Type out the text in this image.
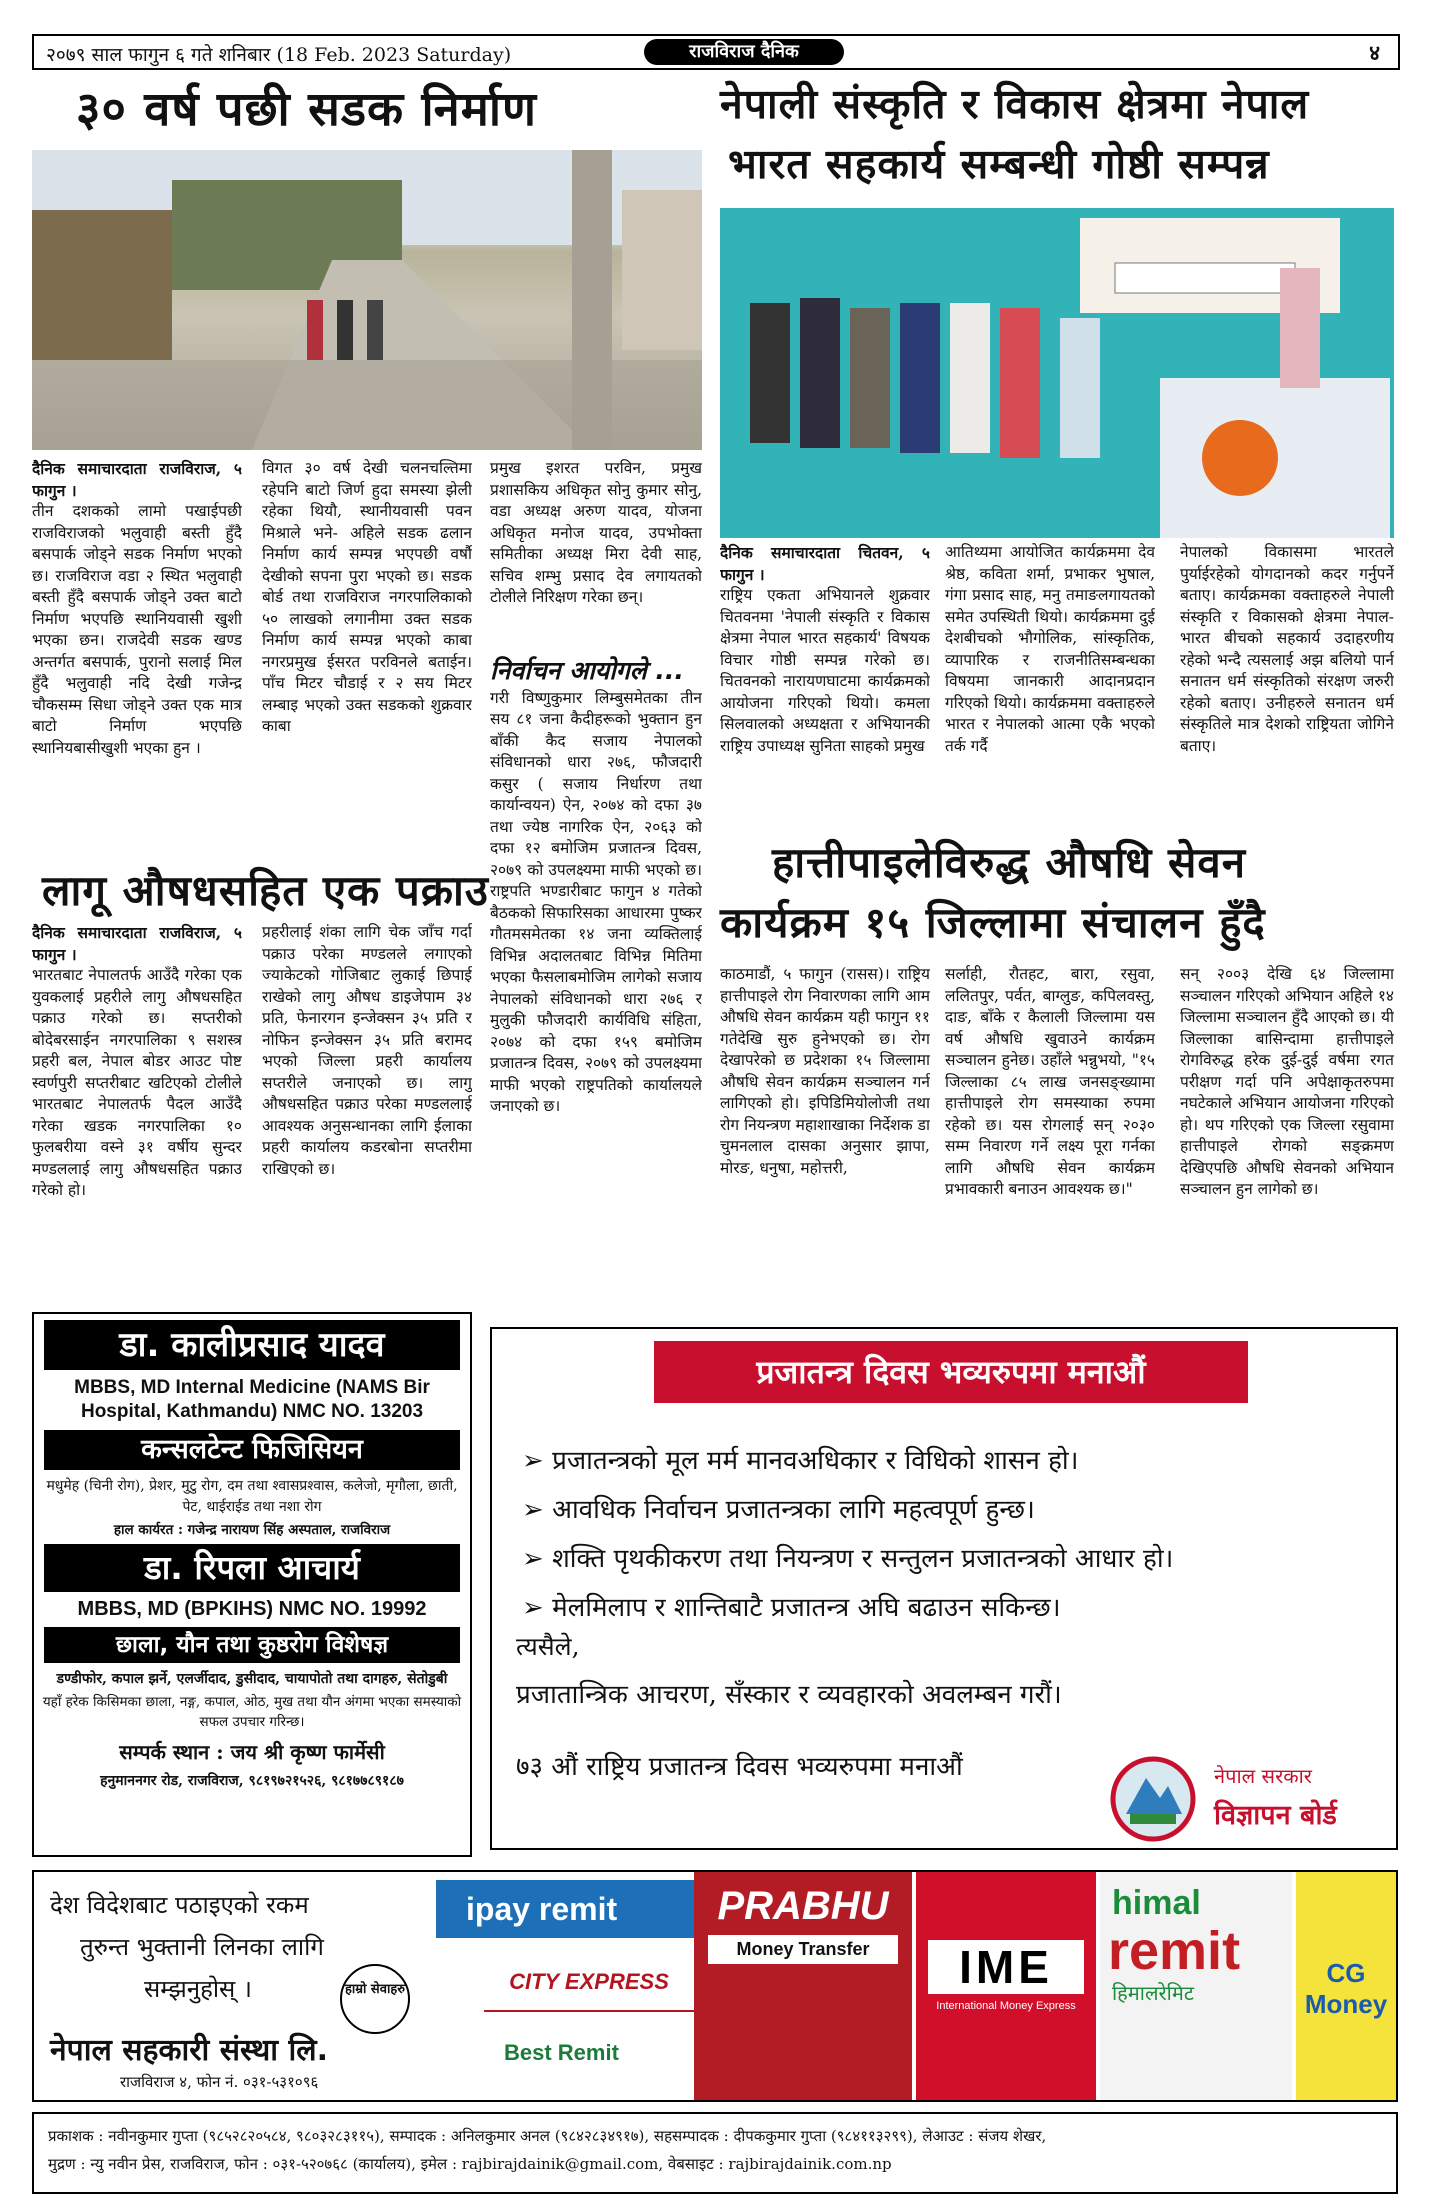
२०७९ साल फागुन ६ गते शनिबार (18 Feb. 2023 Saturday)	राजविराज दैनिक	४
३० वर्ष पछी सडक निर्माण
दैनिक समाचारदाता राजविराज, ५ फागुन ।
तीन दशकको लामो पखाईपछी राजविराजको भलुवाही बस्ती हुँदै बसपार्क जोड्ने सडक निर्माण भएको छ। राजविराज वडा २ स्थित भलुवाही बस्ती हुँदै बसपार्क जोड्ने उक्त बाटो निर्माण भएपछि स्थानियवासी खुशी भएका छन। राजदेवी सडक खण्ड अन्तर्गत बसपार्क, पुरानो सलाई मिल हुँदै भलुवाही नदि देखी गजेन्द्र चौकसम्म सिधा जोड्ने उक्त एक मात्र बाटो निर्माण भएपछि स्थानियबासीखुशी भएका हुन ।
विगत ३० वर्ष देखी चलनचल्तिमा रहेपनि बाटो जिर्ण हुदा समस्या झेली रहेका थियौ, स्थानीयवासी पवन मिश्राले भने- अहिले सडक ढलान निर्माण कार्य सम्पन्न भएपछी वर्षौ देखीको सपना पुरा भएको छ। सडक बोर्ड तथा राजविराज नगरपालिकाको ५० लाखको लगानीमा उक्त सडक निर्माण कार्य सम्पन्न भएको काबा नगरप्रमुख ईसरत परविनले बताईन। पाँच मिटर चौडाई र २ सय मिटर लम्बाइ भएको उक्त सडकको शुक्रवार काबा
प्रमुख इशरत परविन, प्रमुख प्रशासकिय अधिकृत सोनु कुमार सोनु, वडा अध्यक्ष अरुण यादव, योजना अधिकृत मनोज यादव, उपभोक्ता समितीका अध्यक्ष मिरा देवी साह, सचिव शम्भु प्रसाद देव लगायतको टोलीले निरिक्षण गरेका छन्।
निर्वाचन आयोगले ...
गरी विष्णुकुमार लिम्बुसमेतका तीन सय ८१ जना कैदीहरूको भुक्तान हुन बाँकी कैद सजाय नेपालको संविधानको धारा २७६, फौजदारी कसुर ( सजाय निर्धारण तथा कार्यान्वयन) ऐन, २०७४ को दफा ३७ तथा ज्येष्ठ नागरिक ऐन, २०६३ को दफा १२ बमोजिम प्रजातन्त्र दिवस, २०७९ को उपलक्ष्यमा माफी भएको छ। राष्ट्रपति भण्डारीबाट फागुन ४ गतेको बैठकको सिफारिसका आधारमा पुष्कर गौतमसमेतका १४ जना व्यक्तिलाई विभिन्न अदालतबाट विभिन्न मितिमा भएका फैसलाबमोजिम लागेको सजाय नेपालको संविधानको धारा २७६ र मुलुकी फौजदारी कार्यविधि संहिता, २०७४ को दफा १५९ बमोजिम प्रजातन्त्र दिवस, २०७९ को उपलक्ष्यमा माफी भएको राष्ट्रपतिको कार्यालयले जनाएको छ।
लागू औषधसहित एक पक्राउ
दैनिक समाचारदाता राजविराज, ५ फागुन ।
भारतबाट नेपालतर्फ आउँदै गरेका एक युवकलाई प्रहरीले लागु औषधसहित पक्राउ गरेको छ। सप्तरीको बोदेबरसाईन नगरपालिका ९ सशस्त्र प्रहरी बल, नेपाल बोडर आउट पोष्ट स्वर्णपुरी सप्तरीबाट खटिएको टोलीले भारतबाट नेपालतर्फ पैदल आउँदै गरेका खडक नगरपालिका १० फुलबरीया वस्ने ३१ वर्षीय सुन्दर मण्डललाई लागु औषधसहित पक्राउ गरेको हो।
प्रहरीलाई शंका लागि चेक जाँच गर्दा पक्राउ परेका मण्डलले लगाएको ज्याकेटको गोजिबाट लुकाई छिपाई राखेको लागु औषध डाइजेपाम ३४ प्रति, फेनारगन इन्जेक्सन ३५ प्रति र नोफिन इन्जेक्सन ३५ प्रति बरामद भएको जिल्ला प्रहरी कार्यालय सप्तरीले जनाएको छ। लागु औषधसहित पक्राउ परेका मण्डललाई आवश्यक अनुसन्धानका लागि ईलाका प्रहरी कार्यालय कडरबोना सप्तरीमा राखिएको छ।
नेपाली संस्कृति र विकास क्षेत्रमा नेपाल
भारत सहकार्य सम्बन्धी गोष्ठी सम्पन्न
दैनिक समाचारदाता चितवन, ५ फागुन ।
राष्ट्रिय एकता अभियानले शुक्रवार चितवनमा 'नेपाली संस्कृति र विकास क्षेत्रमा नेपाल भारत सहकार्य' विषयक विचार गोष्ठी सम्पन्न गरेको छ। चितवनको नारायणघाटमा कार्यक्रमको आयोजना गरिएको थियो। कमला सिलवालको अध्यक्षता र अभियानकी राष्ट्रिय उपाध्यक्ष सुनिता साहको प्रमुख
आतिथ्यमा आयोजित कार्यक्रममा देव श्रेष्ठ, कविता शर्मा, प्रभाकर भुषाल, गंगा प्रसाद साह, मनु तमाङलगायतको समेत उपस्थिती थियो। कार्यक्रममा दुई देशबीचको भौगोलिक, सांस्कृतिक, व्यापारिक र राजनीतिसम्बन्धका विषयमा जानकारी आदानप्रदान गरिएको थियो। कार्यक्रममा वक्ताहरुले भारत र नेपालको आत्मा एकै भएको तर्क गर्दै
नेपालको विकासमा भारतले पुर्याईरहेको योगदानको कदर गर्नुपर्ने बताए। कार्यक्रमका वक्ताहरुले नेपाली संस्कृति र विकासको क्षेत्रमा नेपाल-भारत बीचको सहकार्य उदाहरणीय रहेको भन्दै त्यसलाई अझ बलियो पार्न सनातन धर्म संस्कृतिको संरक्षण जरुरी रहेको बताए। उनीहरुले सनातन धर्म संस्कृतिले मात्र देशको राष्ट्रियता जोगिने बताए।
हात्तीपाइलेविरुद्ध औषधि सेवन
कार्यक्रम १५ जिल्लामा संचालन हुँदै
काठमाडौं, ५ फागुन (रासस)। राष्ट्रिय हात्तीपाइले रोग निवारणका लागि आम औषधि सेवन कार्यक्रम यही फागुन ११ गतेदेखि सुरु हुनेभएको छ। रोग देखापरेको छ प्रदेशका १५ जिल्लामा औषधि सेवन कार्यक्रम सञ्चालन गर्न लागिएको हो। इपिडिमियोलोजी तथा रोग नियन्त्रण महाशाखाका निर्देशक डा चुमनलाल दासका अनुसार झापा, मोरङ, धनुषा, महोत्तरी,
सर्लाही, रौतहट, बारा, रसुवा, ललितपुर, पर्वत, बाग्लुङ, कपिलवस्तु, दाङ, बाँके र कैलाली जिल्लामा यस वर्ष औषधि खुवाउने कार्यक्रम सञ्चालन हुनेछ। उहाँले भन्नुभयो, "१५ जिल्लाका ८५ लाख जनसङ्ख्यामा हात्तीपाइले रोग समस्याका रुपमा रहेको छ। यस रोगलाई सन् २०३० सम्म निवारण गर्ने लक्ष्य पूरा गर्नका लागि औषधि सेवन कार्यक्रम प्रभावकारी बनाउन आवश्यक छ।"
सन् २००३ देखि ६४ जिल्लामा सञ्चालन गरिएको अभियान अहिले १४ जिल्लामा सञ्चालन हुँदै आएको छ। यी जिल्लाका बासिन्दामा हात्तीपाइले रोगविरुद्ध हरेक दुई-दुई वर्षमा रगत परीक्षण गर्दा पनि अपेक्षाकृतरुपमा नघटेकाले अभियान आयोजना गरिएको हो। थप गरिएको एक जिल्ला रसुवामा हात्तीपाइले रोगको सङ्क्रमण देखिएपछि औषधि सेवनको अभियान सञ्चालन हुन लागेको छ।
डा. कालीप्रसाद यादव
MBBS, MD Internal Medicine (NAMS Bir Hospital, Kathmandu) NMC NO. 13203
कन्सलटेन्ट फिजिसियन
मधुमेह (चिनी रोग), प्रेशर, मुटु रोग, दम तथा श्वासप्रश्वास, कलेजो, मृगौला, छाती, पेट, थाईराईड तथा नशा रोग
हाल कार्यरत : गजेन्द्र नारायण सिंह अस्पताल, राजविराज
डा. रिपला आचार्य
MBBS, MD (BPKIHS) NMC NO. 19992
छाला, यौन तथा कुष्ठरोग विशेषज्ञ
डण्डीफोर, कपाल झर्ने, एलर्जीदाद, डुसीदाद, चायापोतो तथा दागहरु, सेतोडुबी
यहाँ हरेक किसिमका छाला, नङ्ग, कपाल, ओठ, मुख तथा यौन अंगमा भएका समस्याको सफल उपचार गरिन्छ।
सम्पर्क स्थान : जय श्री कृष्ण फार्मेसी
हनुमाननगर रोड, राजविराज, ९८१९७२१५२६, ९८१७७८९१८७
प्रजातन्त्र दिवस भव्यरुपमा मनाऔं
➢ प्रजातन्त्रको मूल मर्म मानवअधिकार र विधिको शासन हो।
➢ आवधिक निर्वाचन प्रजातन्त्रका लागि महत्वपूर्ण हुन्छ।
➢ शक्ति पृथकीकरण तथा नियन्त्रण र सन्तुलन प्रजातन्त्रको आधार हो।
➢ मेलमिलाप र शान्तिबाटै प्रजातन्त्र अघि बढाउन सकिन्छ।
त्यसैले,
प्रजातान्त्रिक आचरण, सँस्कार र व्यवहारको अवलम्बन गरौं।
७३ औं राष्ट्रिय प्रजातन्त्र दिवस भव्यरुपमा मनाऔं	नेपाल सरकार
विज्ञापन बोर्ड
देश विदेशबाट पठाइएको रकम
तुरुन्त भुक्तानी लिनका लागि
सम्झनुहोस् ।	हाम्रो सेवाहरु
नेपाल सहकारी संस्था लि.
राजविराज ४, फोन नं. ०३१-५३१०९६
ipay remit
CITY EXPRESS
Best Remit
PRABHU
Money Transfer	IME
International Money Express
himal
remit
हिमालरेमिट
CG Money
प्रकाशक : नवीनकुमार गुप्ता (९८५२८२०५८४, ९८०३२८३११५), सम्पादक : अनिलकुमार अनल (९८४२८३४९१७), सहसम्पादक : दीपककुमार गुप्ता (९८४११३२९९), लेआउट : संजय शेखर,
मुद्रण : न्यु नवीन प्रेस, राजविराज, फोन : ०३१-५२०७६८ (कार्यालय), इमेल : rajbirajdainik@gmail.com, वेबसाइट : rajbirajdainik.com.np
